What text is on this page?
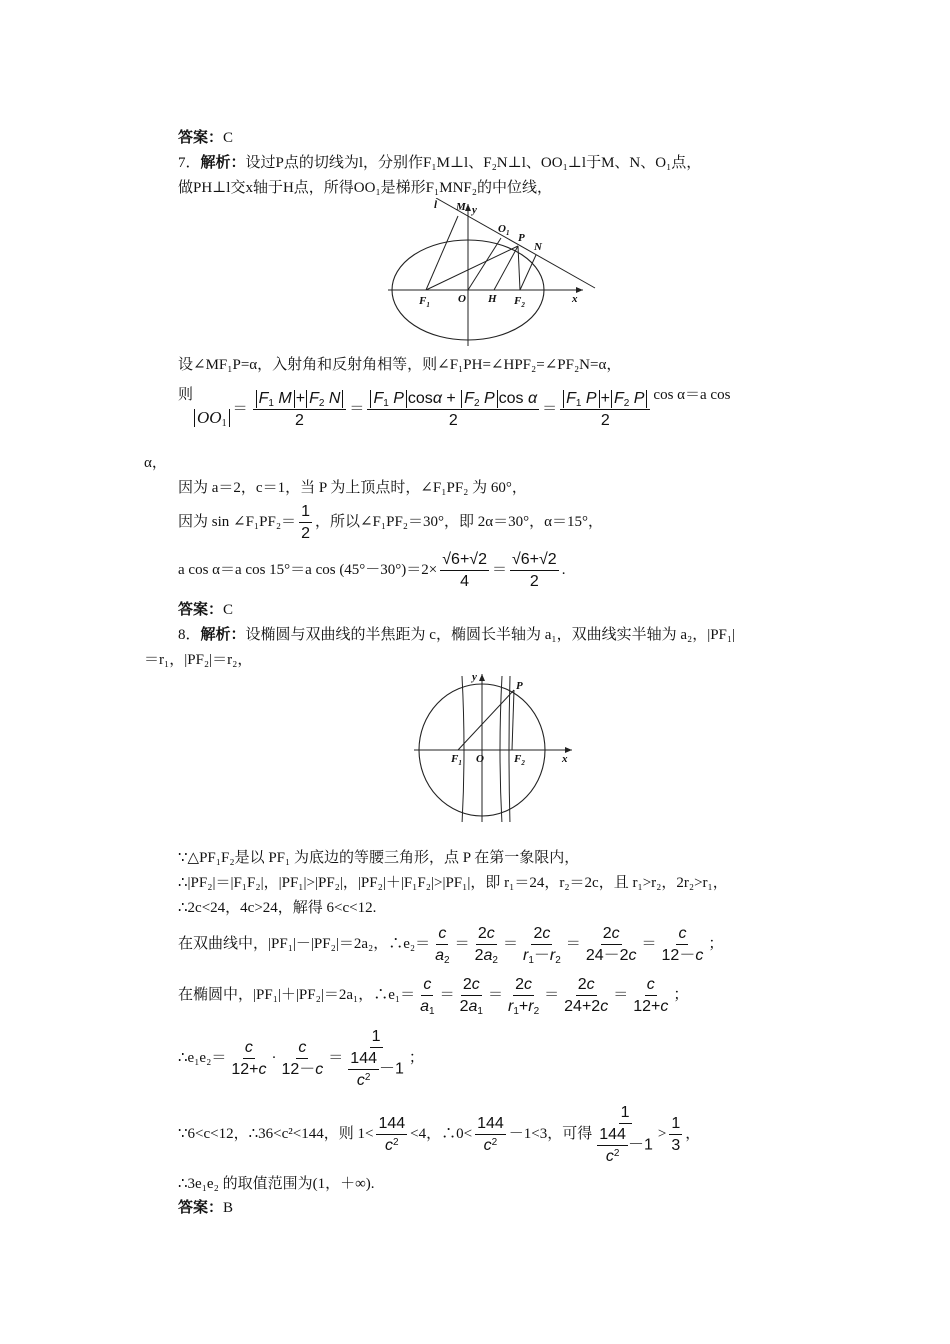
答案：C
7．解析：设过P点的切线为l，分别作F₁M⊥l、F₂N⊥l、OO₁⊥l于M、N、O₁点，
做PH⊥l交x轴于H点，所得OO₁是梯形F₁MNF₂的中位线，
l M y
$O_1$ P
N
$F_1$	O H $F_2$	x
设∠MF₁P=α，入射角和反射角相等，则∠F₁PH=∠HPF₂=∠PF₂N=α，
则
$OO_1$
＝ $\frac{F_1 M + F_2 N}{2} = \frac{F_1 P \cos\alpha + F_2 P \cos \alpha}{2} = \frac{F_1 P + F_2 P}{2}$ cos α＝a cos
α，
因为 a＝2，c＝1，当 P 为上顶点时，∠F₁PF₂ 为 60°，
因为 sin ∠F₁PF₂＝ $\frac{1}{2}$ ，所以∠F₁PF₂＝30°，即 2α＝30°，α＝15°，
a cos α＝a cos 15°＝a $\cos (45^\circ-30^\circ)=2\times \frac{√6+√2}{4} = \frac{√6+√2}{2}$ .
答案：C
8．解析：设椭圆与双曲线的半焦距为 c，椭圆长半轴为 a₁，双曲线实半轴为 a₂，|PF₁|
＝r₁，|PF₂|＝r₂，
y
P
$F_1$ O	$F_2$	x
∵△PF₁F₂是以 PF₁ 为底边的等腰三角形，点 P 在第一象限内，
∴|PF₂|＝|F₁F₂|，|PF₁|>|PF₂|，|PF₂|＋|F₁F₂|>|PF₁|，即 r₁＝24，r₂＝2c，且 r₁>r₂，2r₂>r₁，
∴2c<24，4c>24，解得 6<c<12.
在双曲线中，|PF₁|－|PF₂|＝2a₂，∴e₂＝ $\frac{c}{a_2} = \frac{2c}{2a_2} = \frac{2c}{r_1-r_2} = \frac{2c}{24-2c} = \frac{c}{12-c}$ ；
在椭圆中，|PF₁|＋|PF₂|＝2a₁，∴e₁＝ $\frac{c}{a_1} = \frac{2c}{2a_1} = \frac{2c}{r_1+r_2} = \frac{2c}{24+2c} = \frac{c}{12+c}$ ；
∴e₁e₂＝ $\frac{c}{12+c} \cdot \frac{c}{12-c} = \frac{1}{\frac{144}{c^2} -1}$ ；
∵6<c<12，∴36<c²<144，则 $1< \frac{144}{c^2} <4$，∴0< $\frac{144}{c^2} -1<3$，可得 $\frac{1}{\frac{144}{c^2} -1} > \frac{1}{3}$ ，
∴3e₁e₂ 的取值范围为(1，＋∞).
答案：B
